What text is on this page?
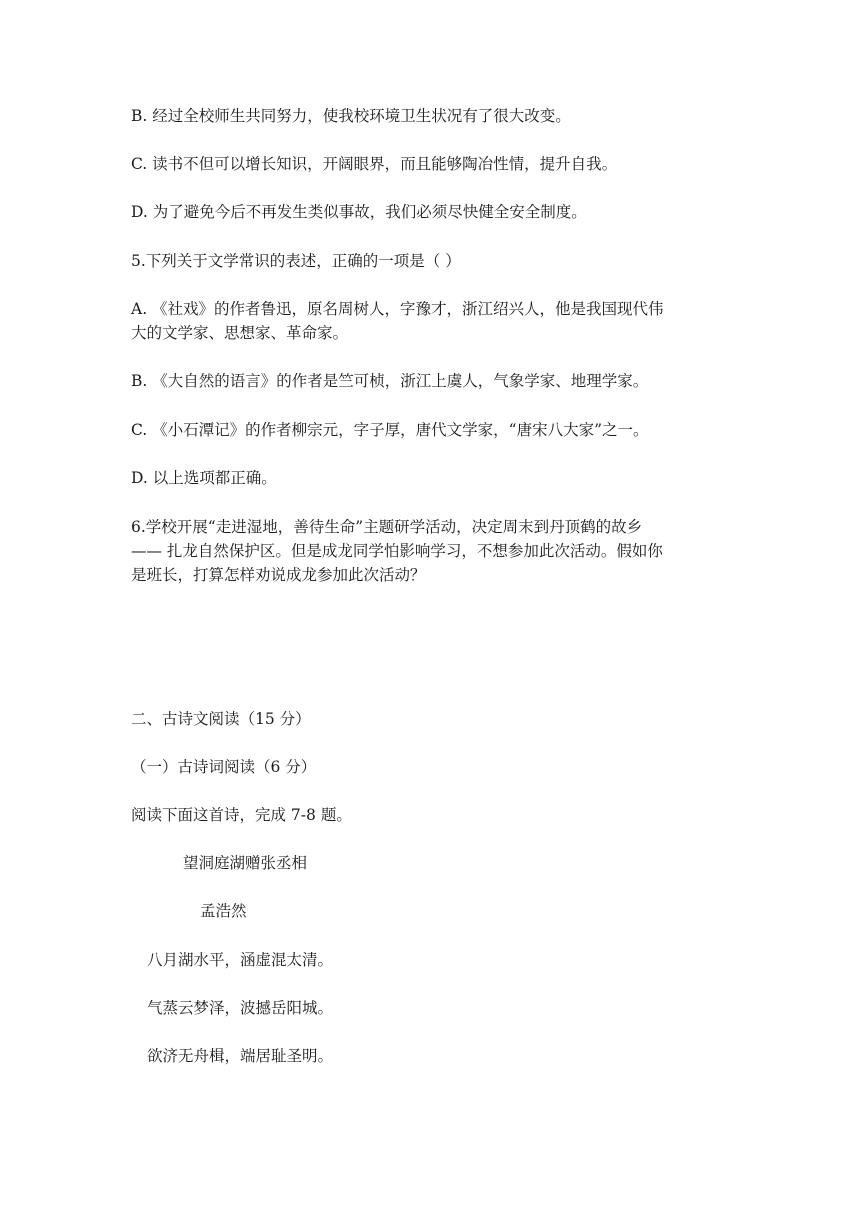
B. 经过全校师生共同努力，使我校环境卫生状况有了很大改变。

C. 读书不但可以增长知识，开阔眼界，而且能够陶冶性情，提升自我。

D. 为了避免今后不再发生类似事故，我们必须尽快健全安全制度。

5.下列关于文学常识的表述，正确的一项是（ ）

A. 《社戏》的作者鲁迅，原名周树人，字豫才，浙江绍兴人，他是我国现代伟

大的文学家、思想家、革命家。

B. 《大自然的语言》的作者是竺可桢，浙江上虞人，气象学家、地理学家。

C. 《小石潭记》的作者柳宗元，字子厚，唐代文学家，“唐宋八大家”之一。

D. 以上选项都正确。

6.学校开展“走进湿地，善待生命”主题研学活动，决定周末到丹顶鹤的故乡

—— 扎龙自然保护区。但是成龙同学怕影响学习，不想参加此次活动。假如你

是班长，打算怎样劝说成龙参加此次活动？

二、古诗文阅读（15 分）

（一）古诗词阅读（6 分）

阅读下面这首诗，完成 7-8 题。

望洞庭湖赠张丞相

孟浩然

八月湖水平，涵虚混太清。

气蒸云梦泽，波撼岳阳城。

欲济无舟楫，端居耻圣明。
